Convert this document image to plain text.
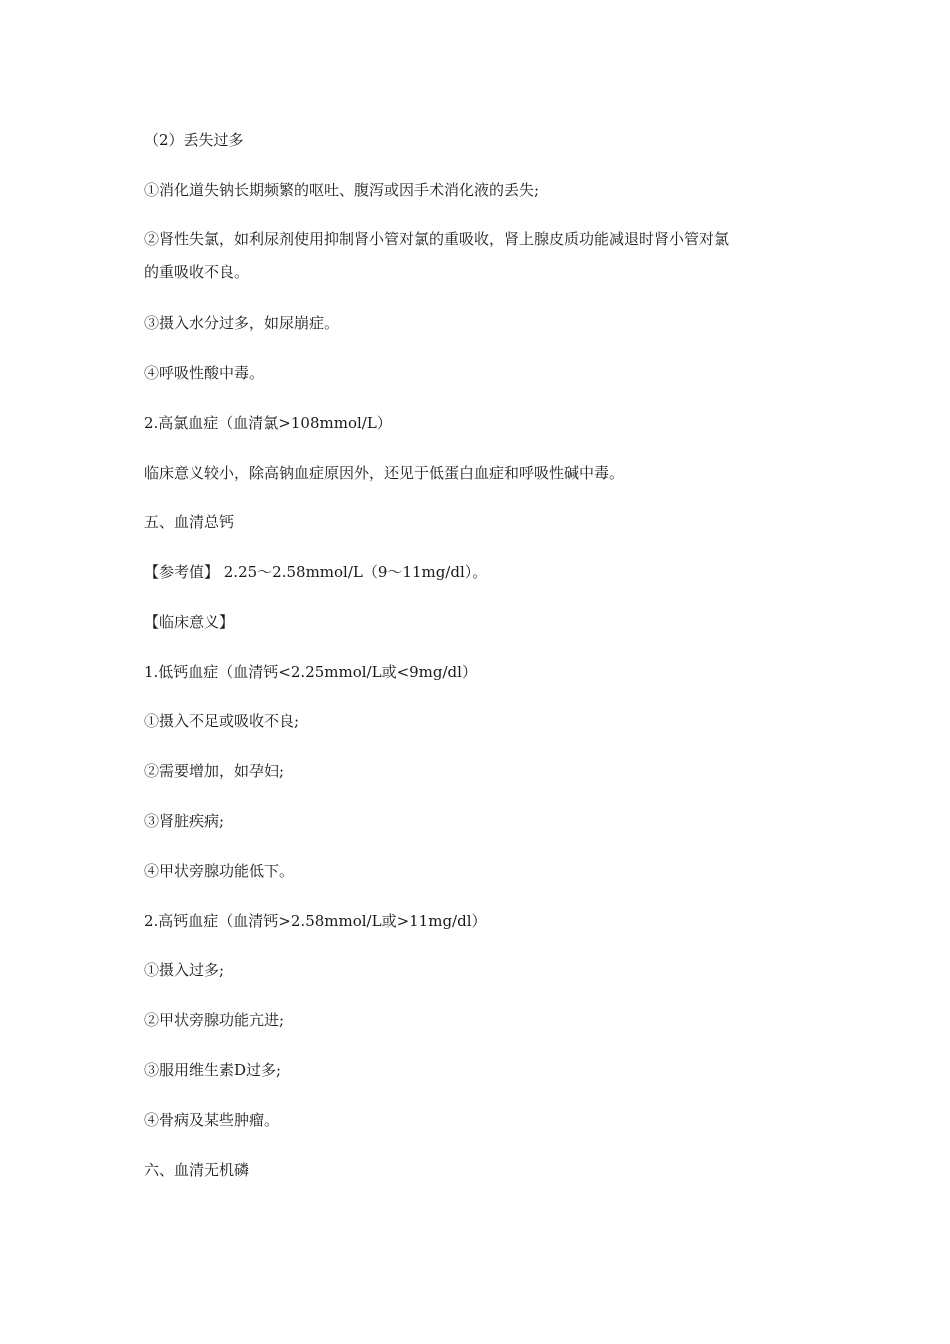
（2）丢失过多
①消化道失钠长期频繁的呕吐、腹泻或因手术消化液的丢失;
②肾性失氯，如利尿剂使用抑制肾小管对氯的重吸收，肾上腺皮质功能减退时肾小管对氯
的重吸收不良。
③摄入水分过多，如尿崩症。
④呼吸性酸中毒。
2.高氯血症（血清氯>108mmol/L）
临床意义较小，除高钠血症原因外，还见于低蛋白血症和呼吸性碱中毒。
五、血清总钙
【参考值】 2.25～2.58mmol/L（9～11mg/dl）。
【临床意义】
1.低钙血症（血清钙<2.25mmol/L或<9mg/dl）
①摄入不足或吸收不良;
②需要增加，如孕妇;
③肾脏疾病;
④甲状旁腺功能低下。
2.高钙血症（血清钙>2.58mmol/L或>11mg/dl）
①摄入过多;
②甲状旁腺功能亢进;
③服用维生素D过多;
④骨病及某些肿瘤。
六、血清无机磷
